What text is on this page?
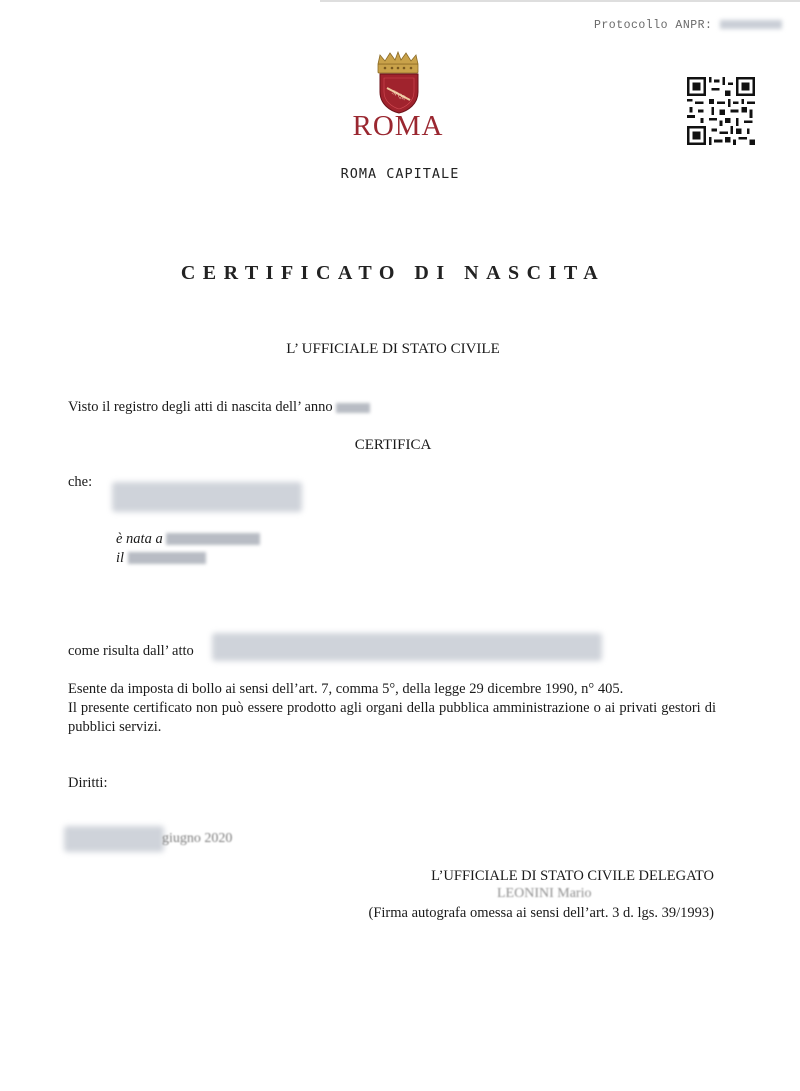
Protocollo ANPR:
SPQR
ROMA
ROMA CAPITALE
CERTIFICATO DI NASCITA
L’ UFFICIALE DI STATO CIVILE
Visto il registro degli atti di nascita dell’ anno
CERTIFICA
che:
è nata a
il
come risulta dall’ atto
Esente da imposta di bollo ai sensi dell’art. 7, comma 5°, della legge 29 dicembre 1990, n° 405.
Il presente certificato non può essere prodotto agli organi della pubblica amministrazione o ai privati gestori di pubblici servizi.
Diritti:
giugno 2020
L’UFFICIALE DI STATO CIVILE DELEGATO
LEONINI Mario
(Firma autografa omessa ai sensi dell’art. 3 d. lgs. 39/1993)
